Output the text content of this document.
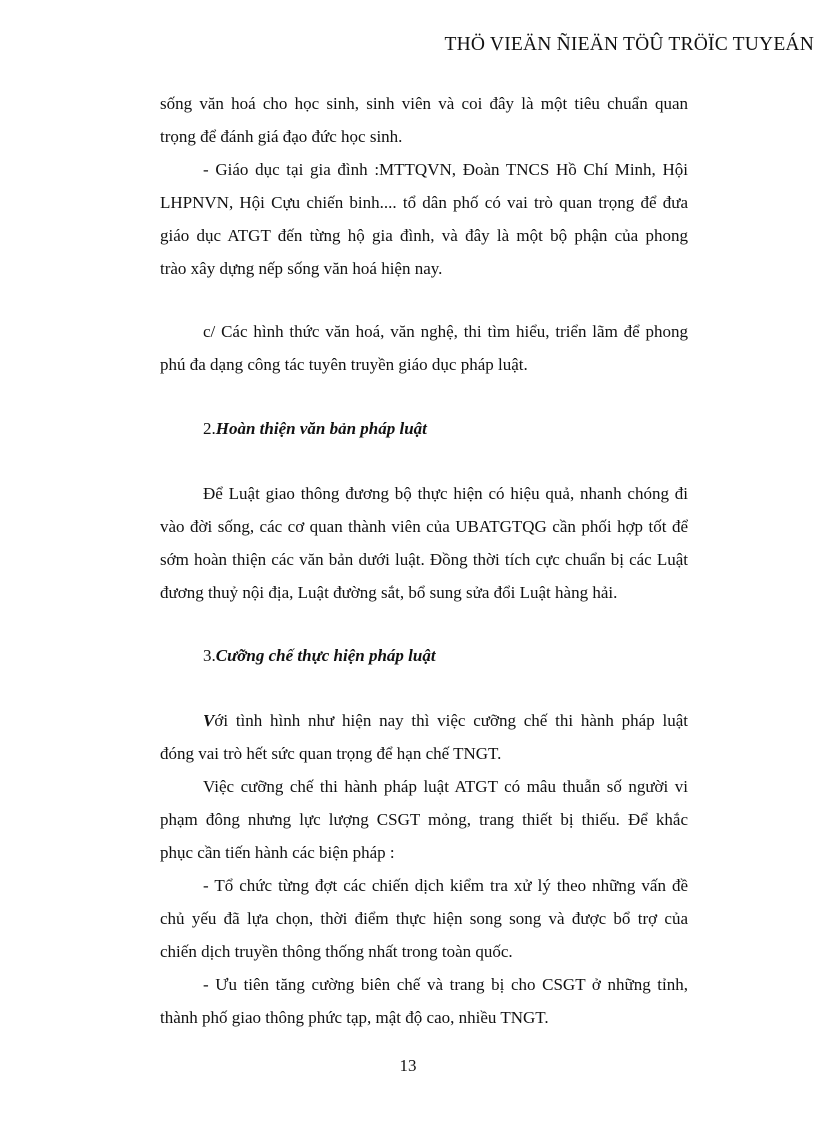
THÖ VIEÄN ÑIEÄN TÖÛ TRÖÏC TUYEÁN
sống văn hoá cho học sinh, sinh viên và coi đây là một tiêu chuẩn quan
trọng để đánh giá đạo đức học sinh.
- Giáo dục tại gia đình :MTTQVN, Đoàn TNCS Hồ Chí Minh, Hội
LHPNVN, Hội Cựu chiến binh.... tổ dân phố có vai trò quan trọng để đưa
giáo dục ATGT đến từng hộ gia đình, và đây là một bộ phận của phong
trào xây dựng nếp sống văn hoá hiện nay.
c/ Các hình thức văn hoá, văn nghệ, thi tìm hiểu, triển lãm để phong
phú đa dạng công tác tuyên truyền giáo dục pháp luật.
2.Hoàn thiện văn bản pháp luật
Để Luật giao thông đương bộ thực hiện có hiệu quả, nhanh chóng đi
vào đời sống, các cơ quan thành viên của UBATGTQG cần phối hợp tốt để
sớm hoàn thiện các văn bản dưới luật. Đồng thời tích cực chuẩn bị các Luật
đương thuỷ nội địa, Luật đường sắt, bổ sung sửa đổi Luật hàng hải.
3.Cưỡng chế thực hiện pháp luật
Với tình hình như hiện nay thì việc cưỡng chế thi hành pháp luật
đóng vai trò hết sức quan trọng để hạn chế TNGT.
Việc cưỡng chế thi hành pháp luật ATGT có mâu thuẫn số người vi
phạm đông nhưng lực lượng CSGT mỏng, trang thiết bị thiếu. Để khắc
phục cần tiến hành các biện pháp :
- Tổ chức từng đợt các chiến dịch kiểm tra xử lý theo những vấn đề
chủ yếu đã lựa chọn, thời điểm thực hiện song song và được bổ trợ của
chiến dịch truyền thông thống nhất trong toàn quốc.
- Ưu tiên tăng cường biên chế và trang bị cho CSGT ở những tỉnh,
thành phố giao thông phức tạp, mật độ cao, nhiều TNGT.
13
